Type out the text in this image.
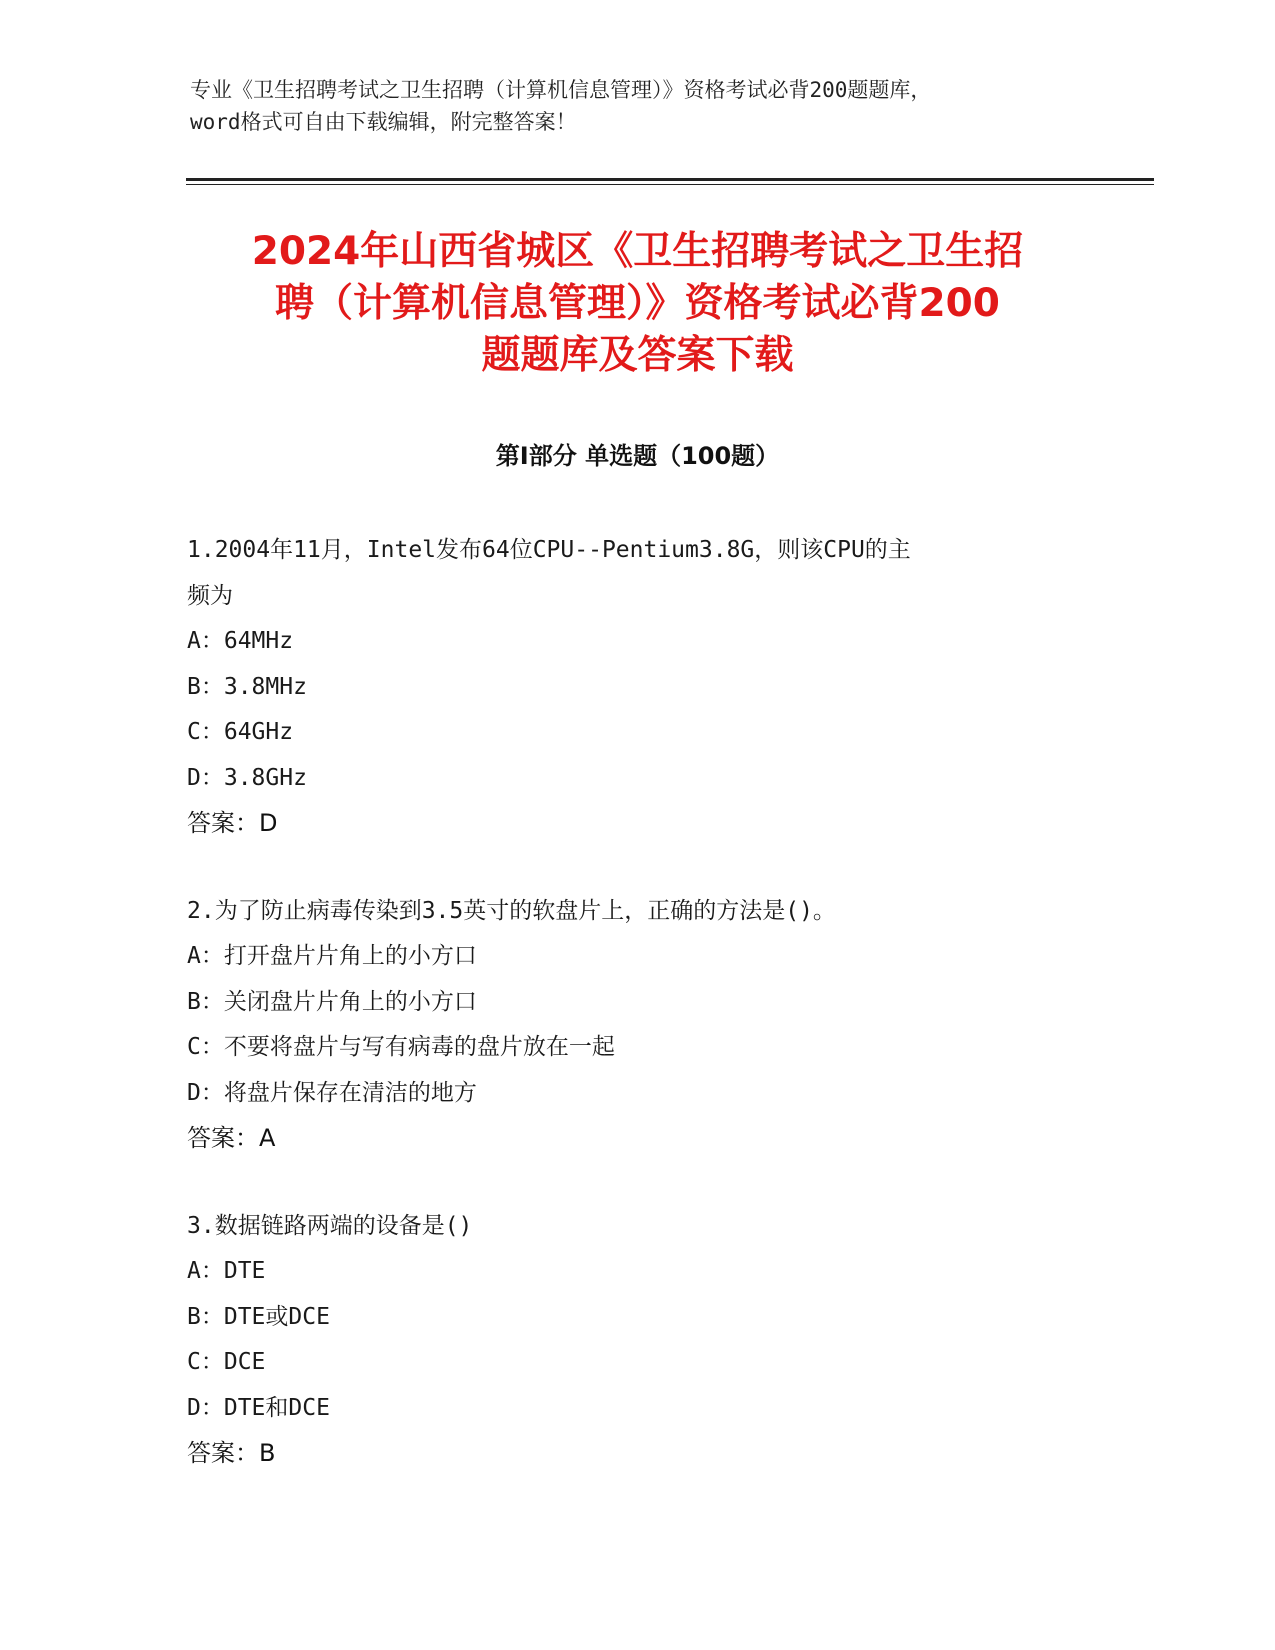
专业《卫生招聘考试之卫生招聘（计算机信息管理）》资格考试必背200题题库，
word格式可自由下载编辑，附完整答案！
2024年山西省城区《卫生招聘考试之卫生招
聘（计算机信息管理）》资格考试必背200
题题库及答案下载
第Ⅰ部分 单选题（100题）
1.2004年11月，Intel发布64位CPU--Pentium3.8G，则该CPU的主
频为
A：64MHz
B：3.8MHz
C：64GHz
D：3.8GHz
答案：D
2.为了防止病毒传染到3.5英寸的软盘片上，正确的方法是()。
A：打开盘片片角上的小方口
B：关闭盘片片角上的小方口
C：不要将盘片与写有病毒的盘片放在一起
D：将盘片保存在清洁的地方
答案：A
3.数据链路两端的设备是()
A：DTE
B：DTE或DCE
C：DCE
D：DTE和DCE
答案：B
